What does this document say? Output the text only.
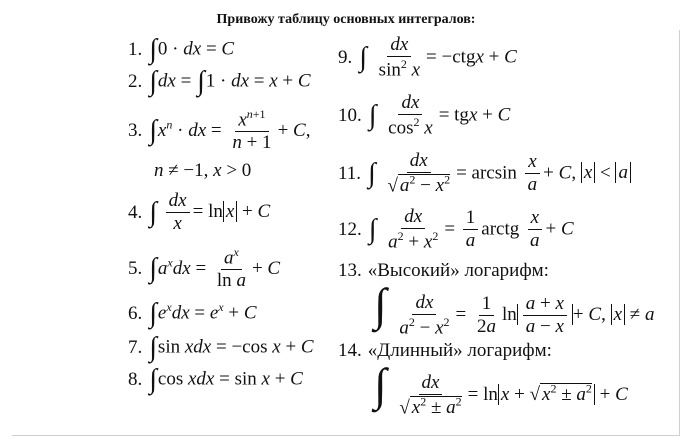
Привожу таблицу основных интегралов:
1. ∫0 · dx = C
2. ∫dx = ∫1 · dx = x + C
3. $\int x^n$ · dx = $\frac{x^{n+1}}{n + 1} + C$,
n ≠ −1, x > 0
4. ∫ $\frac{dx}{x} = \ln x + C$
5. $\int a^xdx = \frac{a^x}{\text{ln a}} + C$
6. $\int e^xdx = e^x + C$
7. ∫sin xdx = −cos x + C
8. ∫cos xdx = sin x + C
9. ∫ $\frac{dx}{\sin^2 x}$ = −ctgx + C
10. ∫ $\frac{dx}{\cos^2 x}$ = tgx + C
11. ∫ $\frac{dx}{√ a^2 - x^2} = \arcsin \frac{x}{a} + C$, x < a
12. ∫ $\frac{dx}{a^2 + x^2} = \frac{1}{a}$ arctg $\frac{x}{a} + C$
13. «Высокий» логарифм:
∫ $\frac{dx}{a^2 - x^2} = \frac{1}{2a}$ $\ln \frac{a + x}{a - x} + C$, x ≠ a
14. «Длинный» логарифм:
∫ $\frac{dx}{√ x^2 \pm a^2} = \ln x$ + √ $x^2 \pm a^2 + C$
